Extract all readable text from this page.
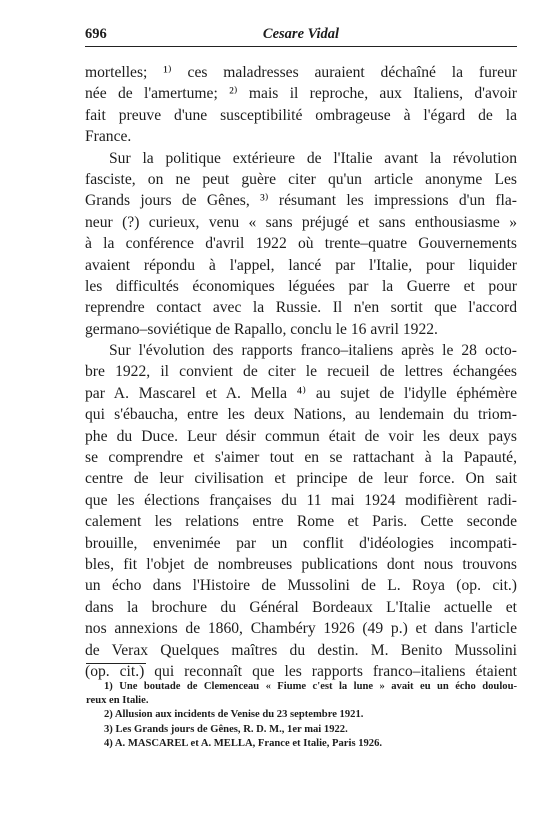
696	Cesare Vidal
mortelles; ¹⁾ ces maladresses auraient déchaîné la fureur
née de l'amertume; ²⁾ mais il reproche, aux Italiens, d'avoir
fait preuve d'une susceptibilité ombrageuse à l'égard de la
France.
Sur la politique extérieure de l'Italie avant la révolution
fasciste, on ne peut guère citer qu'un article anonyme Les
Grands jours de Gênes, ³⁾ résumant les impressions d'un fla-
neur (?) curieux, venu « sans préjugé et sans enthousiasme »
à la conférence d'avril 1922 où trente–quatre Gouvernements
avaient répondu à l'appel, lancé par l'Italie, pour liquider
les difficultés économiques léguées par la Guerre et pour
reprendre contact avec la Russie. Il n'en sortit que l'accord
germano–soviétique de Rapallo, conclu le 16 avril 1922.
Sur l'évolution des rapports franco–italiens après le 28 octo-
bre 1922, il convient de citer le recueil de lettres échangées
par A. Mascarel et A. Mella ⁴⁾ au sujet de l'idylle éphémère
qui s'ébaucha, entre les deux Nations, au lendemain du triom-
phe du Duce. Leur désir commun était de voir les deux pays
se comprendre et s'aimer tout en se rattachant à la Papauté,
centre de leur civilisation et principe de leur force. On sait
que les élections françaises du 11 mai 1924 modifièrent radi-
calement les relations entre Rome et Paris. Cette seconde
brouille, envenimée par un conflit d'idéologies incompati-
bles, fit l'objet de nombreuses publications dont nous trouvons
un écho dans l'Histoire de Mussolini de L. Roya (op. cit.)
dans la brochure du Général Bordeaux L'Italie actuelle et
nos annexions de 1860, Chambéry 1926 (49 p.) et dans l'article
de Verax Quelques maîtres du destin. M. Benito Mussolini
(op. cit.) qui reconnaît que les rapports franco–italiens étaient
1) Une boutade de Clemenceau « Fiume c'est la lune » avait eu un écho doulou-
reux en Italie.
2) Allusion aux incidents de Venise du 23 septembre 1921.
3) Les Grands jours de Gênes, R. D. M., 1er mai 1922.
4) A. MASCAREL et A. MELLA, France et Italie, Paris 1926.
